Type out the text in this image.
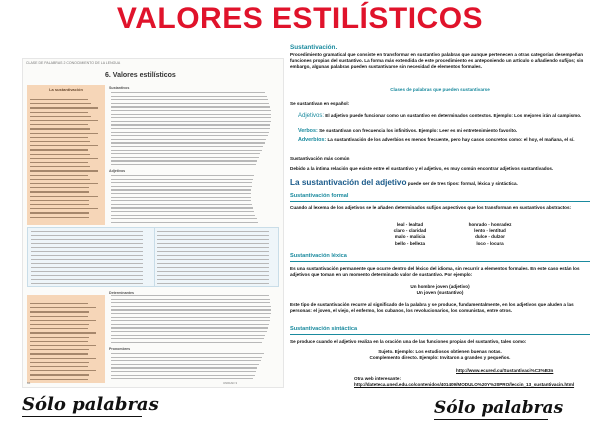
VALORES ESTILÍSTICOS
CLASE DE PALABRAS 2 CONOCIMIENTO DE LA LENGUA
6. Valores estilísticos
La sustantivación	Sustantivos
Adjetivos
Determinantes
Pronombres
84	UNIDAD 3
Sustantivación.
Procedimiento gramatical que consiste en transformar en sustantivo palabras que aunque pertenecen a otras categorías desempeñan funciones propias del sustantivo. La forma más extendida de este procedimiento es anteponiendo un artículo o añadiendo sufijos; sin embargo, algunas palabras pueden sustantivarse sin necesidad de elementos formales.
Clases de palabras que pueden sustantivarse
Se sustantivan en español:
Adjetivos: El adjetivo puede funcionar como un sustantivo en determinados contextos. Ejemplo: Los mejores irán al campismo.
Verbos: Se sustantivan con frecuencia los infinitivos. Ejemplo: Leer es mi entretenimiento favorito.
Adverbios: La sustantivación de los adverbios es menos frecuente, pero hay casos concretos como: el hoy, el mañana, el sí.
Sustantivación más común
Debido a la íntima relación que existe entre el sustantivo y el adjetivo, es muy común encontrar adjetivos sustantivados.
La sustantivación del adjetivo puede ser de tres tipos: formal, léxica y sintáctica.
Sustantivación formal
Cuando al lexema de los adjetivos se le añaden determinados sufijos aspectivos que los transforman en sustantivos abstractos:
leal - lealtad
claro - claridad
malo - malicia
bello - belleza
honrado - honradez
lento - lentitud
dulce - dulzor
loco - locura
Sustantivación léxica
Es una sustantivación permanente que ocurre dentro del léxico del idioma, sin recurrir a elementos formales. En este caso están los adjetivos que toman en un momento determinado valor de sustantivo. Por ejemplo:
Un hombre joven (adjetivo)
Un joven (sustantivo)
Este tipo de sustantivación recurre al significado de la palabra y se produce, fundamentalmente, en los adjetivos que aluden a las personas: el joven, el viejo, el enfermo, los cubanos, los revolucionarios, los comunistas, entre otros.
Sustantivación sintáctica
Se produce cuando el adjetivo realiza en la oración una de las funciones propias del sustantivo, tales como:
Sujeto. Ejemplo: Los estudiosos obtienen buenas notas.
Complemento directo. Ejemplo: Invitaron a grandes y pequeños.
http://www.ecured.cu/Sustantivaci%C3%B3n
Otra web interesante: http://dateteca.uned.edu.co/contenidos/401409/MODULO%20Y%20PRO/leccin_13_sustantivacin.html
Sólo palabras	Sólo palabras
